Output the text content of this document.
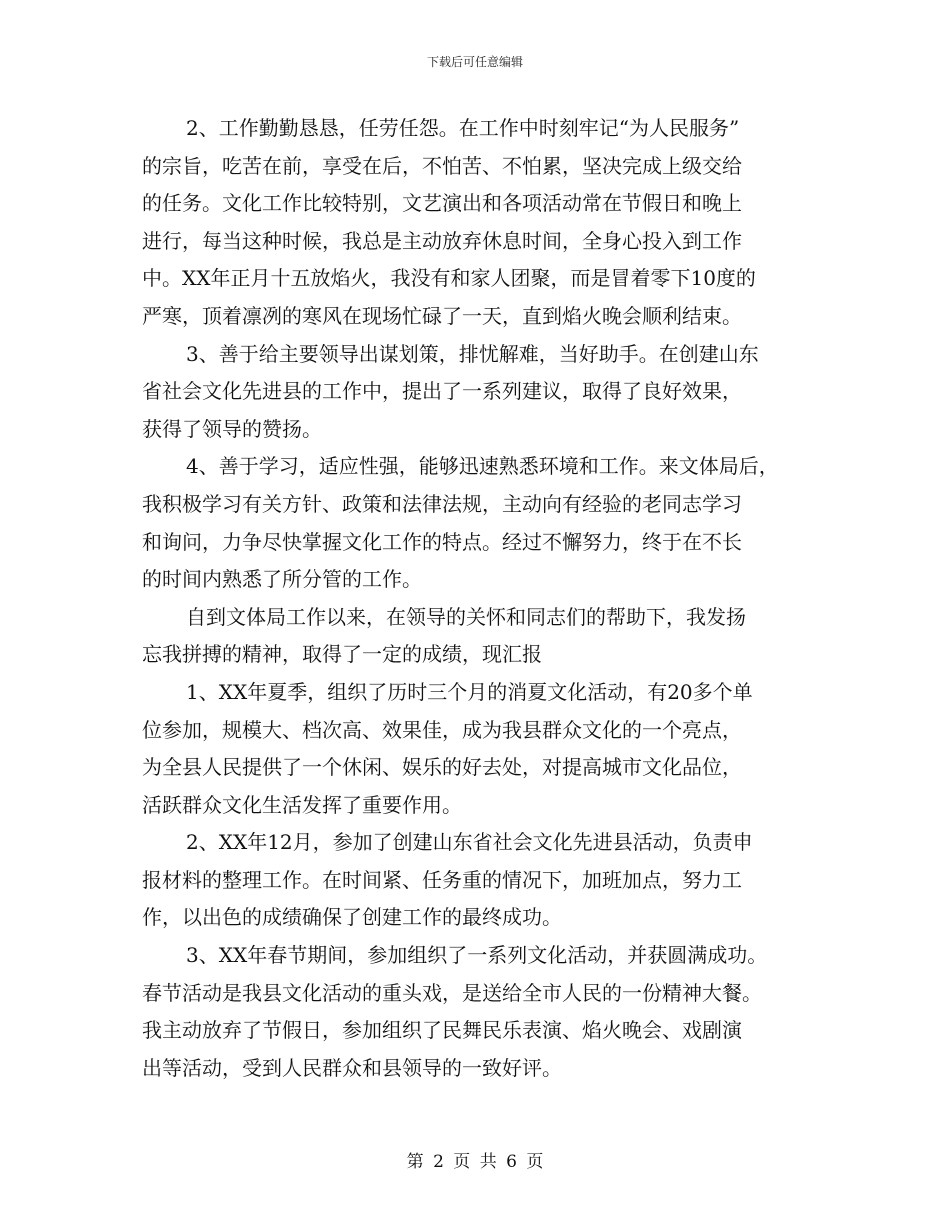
下载后可任意编辑
2、工作勤勤恳恳，任劳任怨。在工作中时刻牢记“为人民服务”
的宗旨，吃苦在前，享受在后，不怕苦、不怕累，坚决完成上级交给
的任务。文化工作比较特别，文艺演出和各项活动常在节假日和晚上
进行，每当这种时候，我总是主动放弃休息时间，全身心投入到工作
中。XX年正月十五放焰火，我没有和家人团聚，而是冒着零下10度的
严寒，顶着凛冽的寒风在现场忙碌了一天，直到焰火晚会顺利结束。
3、善于给主要领导出谋划策，排忧解难，当好助手。在创建山东
省社会文化先进县的工作中，提出了一系列建议，取得了良好效果，
获得了领导的赞扬。
4、善于学习，适应性强，能够迅速熟悉环境和工作。来文体局后，
我积极学习有关方针、政策和法律法规，主动向有经验的老同志学习
和询问，力争尽快掌握文化工作的特点。经过不懈努力，终于在不长
的时间内熟悉了所分管的工作。
自到文体局工作以来，在领导的关怀和同志们的帮助下，我发扬
忘我拼搏的精神，取得了一定的成绩，现汇报
1、XX年夏季，组织了历时三个月的消夏文化活动，有20多个单
位参加，规模大、档次高、效果佳，成为我县群众文化的一个亮点，
为全县人民提供了一个休闲、娱乐的好去处，对提高城市文化品位，
活跃群众文化生活发挥了重要作用。
2、XX年12月，参加了创建山东省社会文化先进县活动，负责申
报材料的整理工作。在时间紧、任务重的情况下，加班加点，努力工
作，以出色的成绩确保了创建工作的最终成功。
3、XX年春节期间，参加组织了一系列文化活动，并获圆满成功。
春节活动是我县文化活动的重头戏，是送给全市人民的一份精神大餐。
我主动放弃了节假日，参加组织了民舞民乐表演、焰火晚会、戏剧演
出等活动，受到人民群众和县领导的一致好评。
第 2 页 共 6 页
